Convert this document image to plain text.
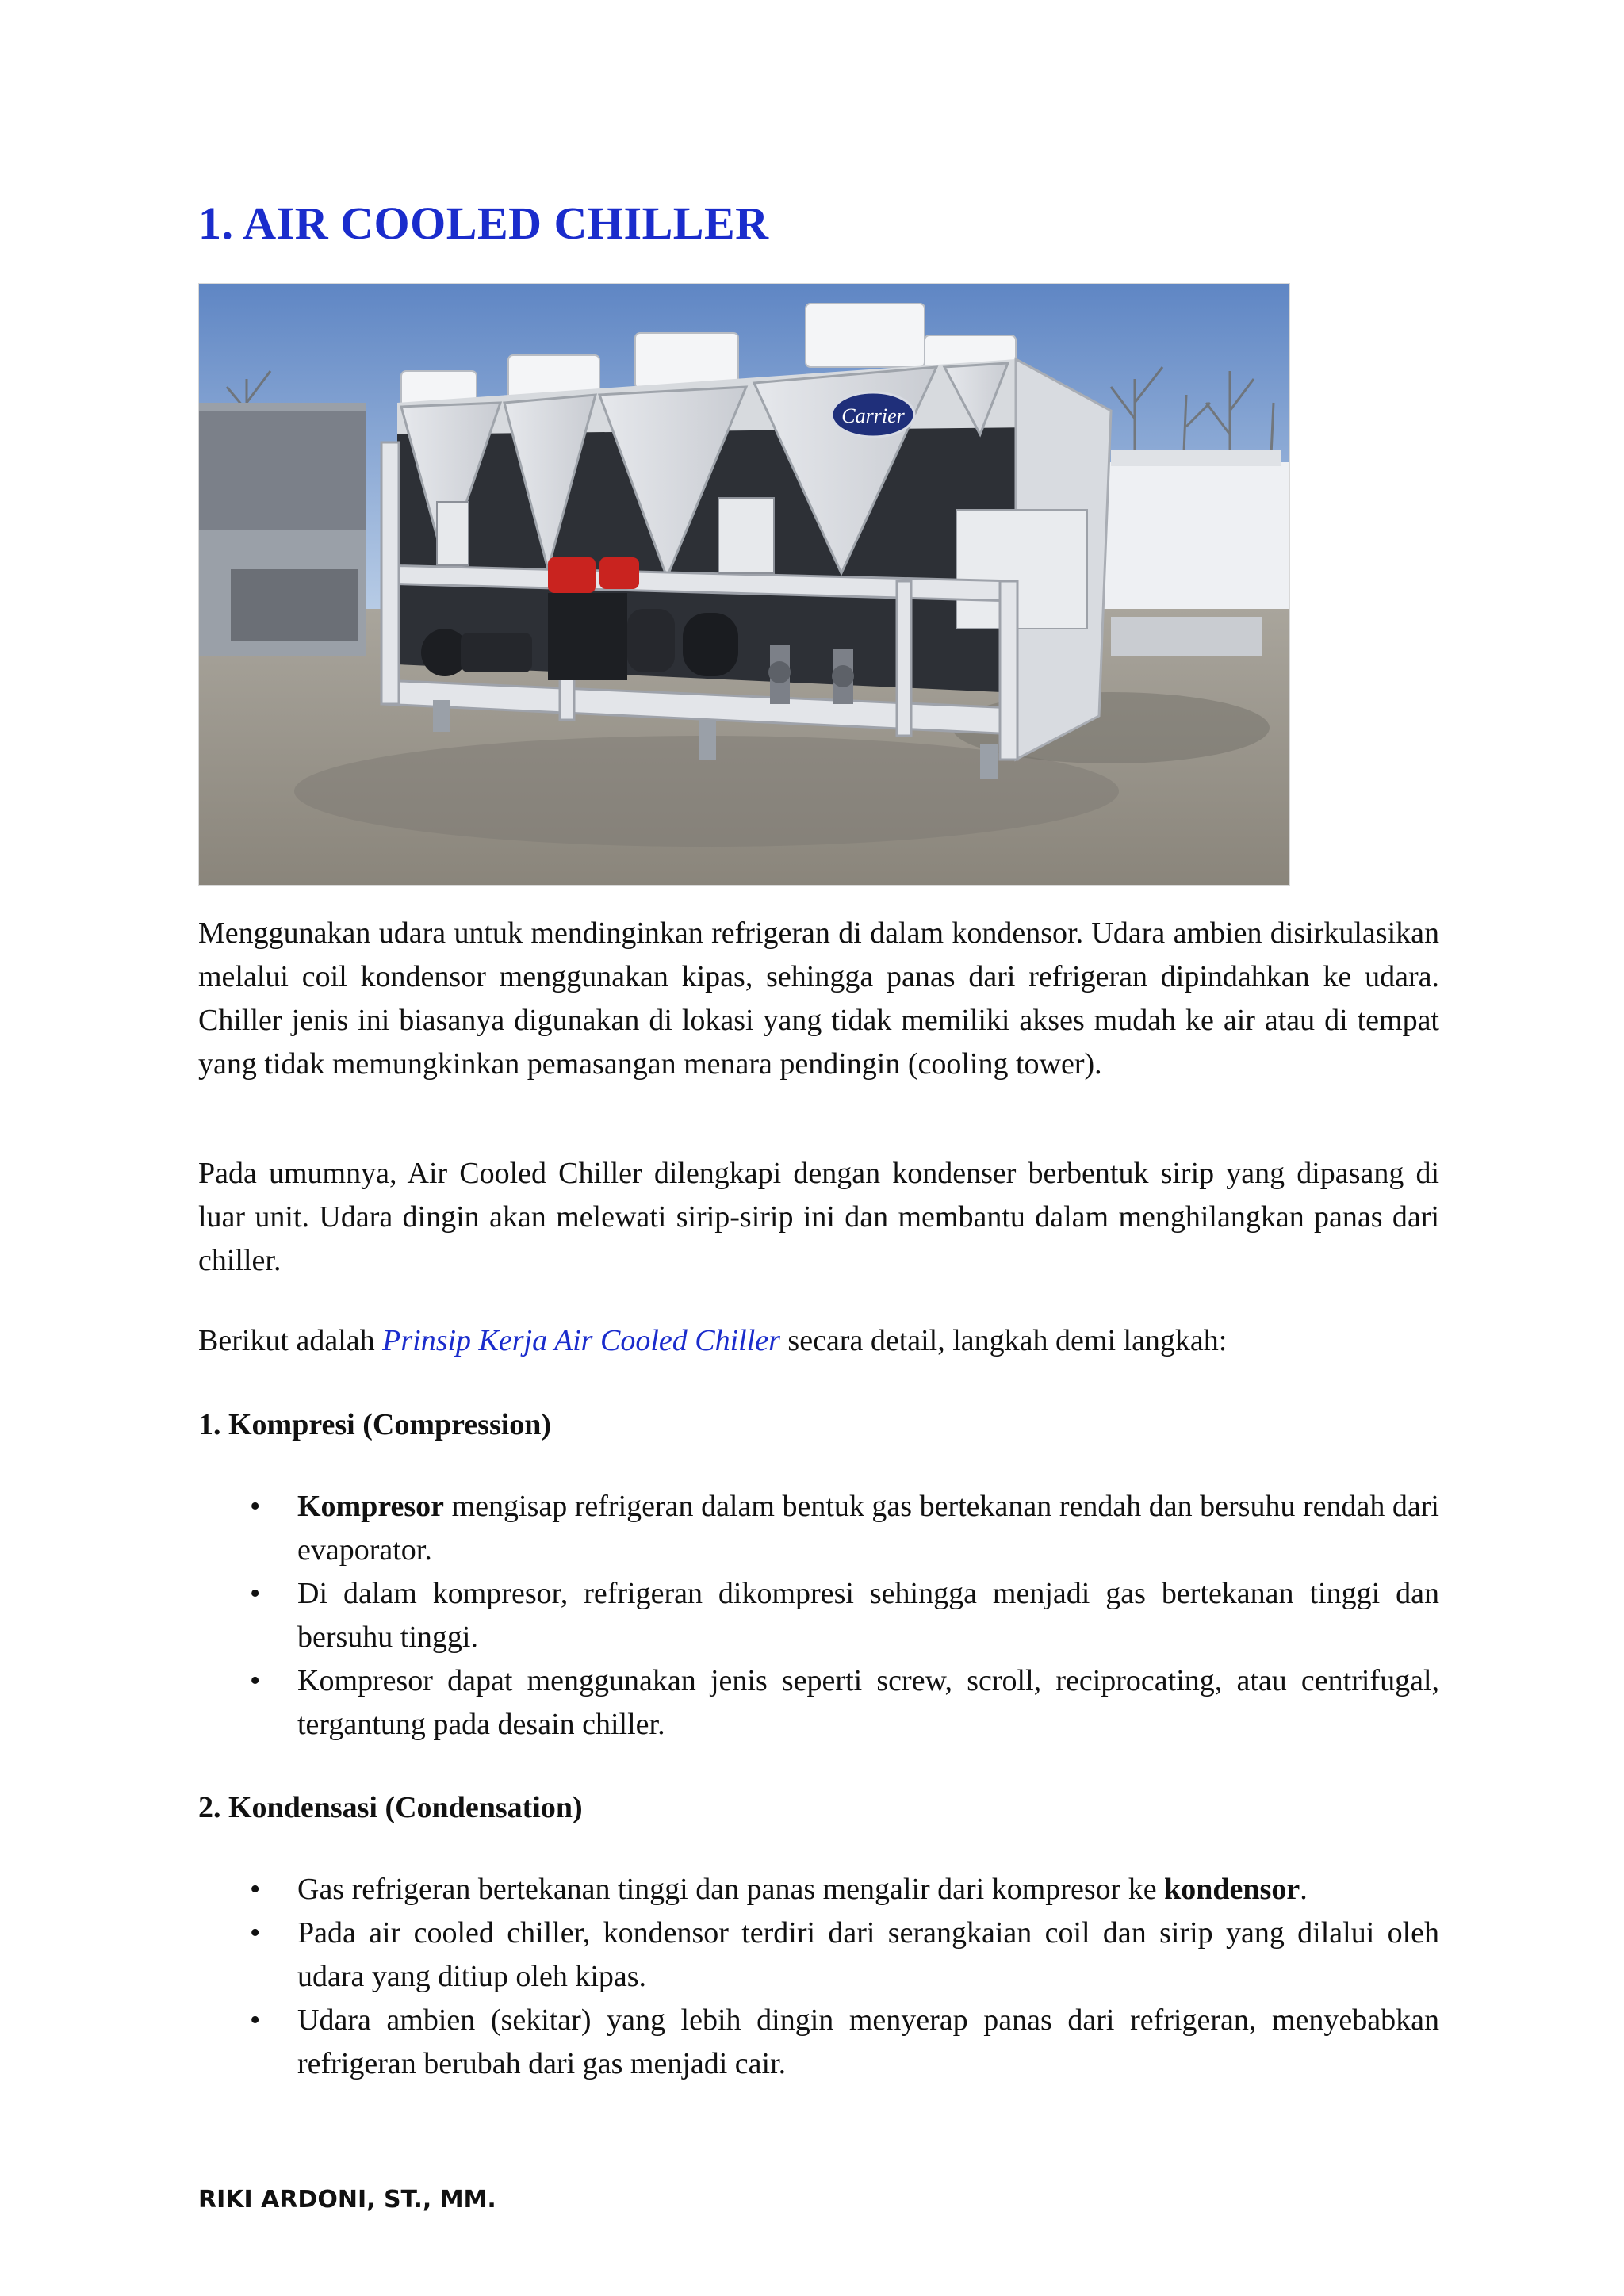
1. AIR COOLED CHILLER
Carrier

Menggunakan udara untuk mendinginkan refrigeran di dalam kondensor. Udara ambien disirkulasikan melalui coil kondensor menggunakan kipas, sehingga panas dari refrigeran dipindahkan ke udara. Chiller jenis ini biasanya digunakan di lokasi yang tidak memiliki akses mudah ke air atau di tempat yang tidak memungkinkan pemasangan menara pendingin (cooling tower).

Pada umumnya, Air Cooled Chiller dilengkapi dengan kondenser berbentuk sirip yang dipasang di luar unit. Udara dingin akan melewati sirip-sirip ini dan membantu dalam menghilangkan panas dari chiller.

Berikut adalah Prinsip Kerja Air Cooled Chiller secara detail, langkah demi langkah:

1. Kompresi (Compression)
• Kompresor mengisap refrigeran dalam bentuk gas bertekanan rendah dan bersuhu rendah dari evaporator.
• Di dalam kompresor, refrigeran dikompresi sehingga menjadi gas bertekanan tinggi dan bersuhu tinggi.
• Kompresor dapat menggunakan jenis seperti screw, scroll, reciprocating, atau centrifugal, tergantung pada desain chiller.
2. Kondensasi (Condensation)
• Gas refrigeran bertekanan tinggi dan panas mengalir dari kompresor ke kondensor.
• Pada air cooled chiller, kondensor terdiri dari serangkaian coil dan sirip yang dilalui oleh udara yang ditiup oleh kipas.
• Udara ambien (sekitar) yang lebih dingin menyerap panas dari refrigeran, menyebabkan refrigeran berubah dari gas menjadi cair.

RIKI ARDONI, ST., MM.
